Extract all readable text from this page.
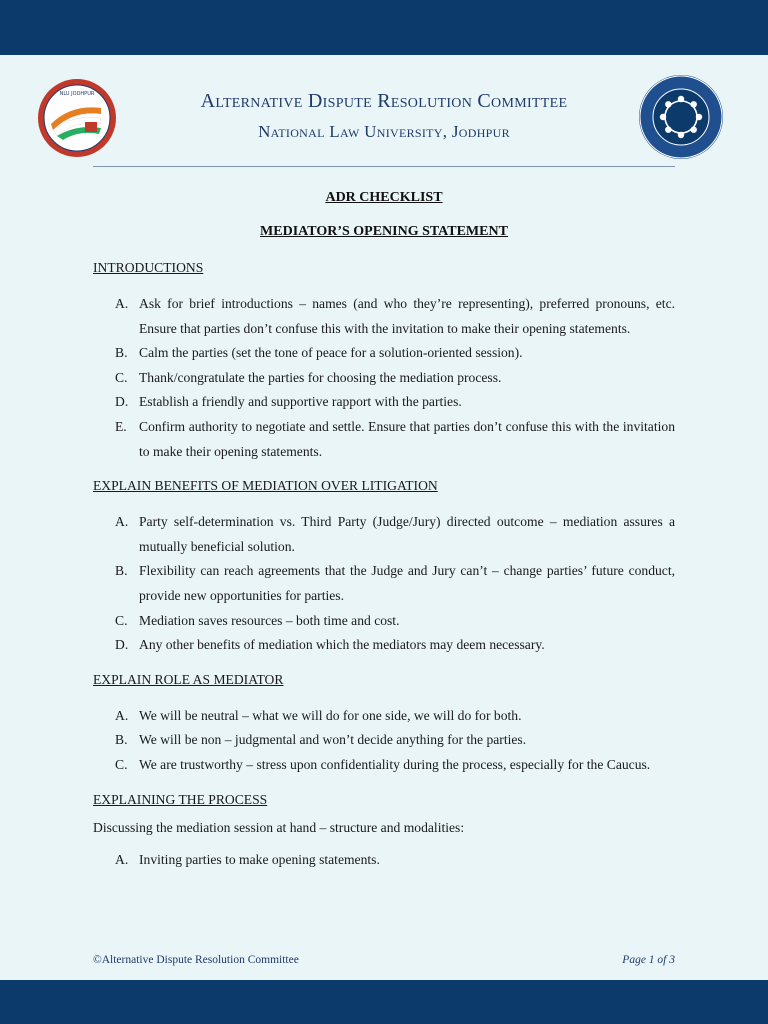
NLU JODHPUR	Alternative Dispute Resolution Committee
National Law University, Jodhpur
ADR CHECKLIST
MEDIATOR’S OPENING STATEMENT

INTRODUCTIONS

A. Ask for brief introductions – names (and who they’re representing), preferred pronouns, etc. Ensure that parties don’t confuse this with the invitation to make their opening statements.
B. Calm the parties (set the tone of peace for a solution-oriented session).
C. Thank/congratulate the parties for choosing the mediation process.
D. Establish a friendly and supportive rapport with the parties.
E. Confirm authority to negotiate and settle. Ensure that parties don’t confuse this with the invitation to make their opening statements.

EXPLAIN BENEFITS OF MEDIATION OVER LITIGATION

A. Party self-determination vs. Third Party (Judge/Jury) directed outcome – mediation assures a mutually beneficial solution.
B. Flexibility can reach agreements that the Judge and Jury can’t – change parties’ future conduct, provide new opportunities for parties.
C. Mediation saves resources – both time and cost.
D. Any other benefits of mediation which the mediators may deem necessary.

EXPLAIN ROLE AS MEDIATOR

A. We will be neutral – what we will do for one side, we will do for both.
B. We will be non – judgmental and won’t decide anything for the parties.
C. We are trustworthy – stress upon confidentiality during the process, especially for the Caucus.

EXPLAINING THE PROCESS

Discussing the mediation session at hand – structure and modalities:

A. Inviting parties to make opening statements.
©Alternative Dispute Resolution Committee	Page 1 of 3
